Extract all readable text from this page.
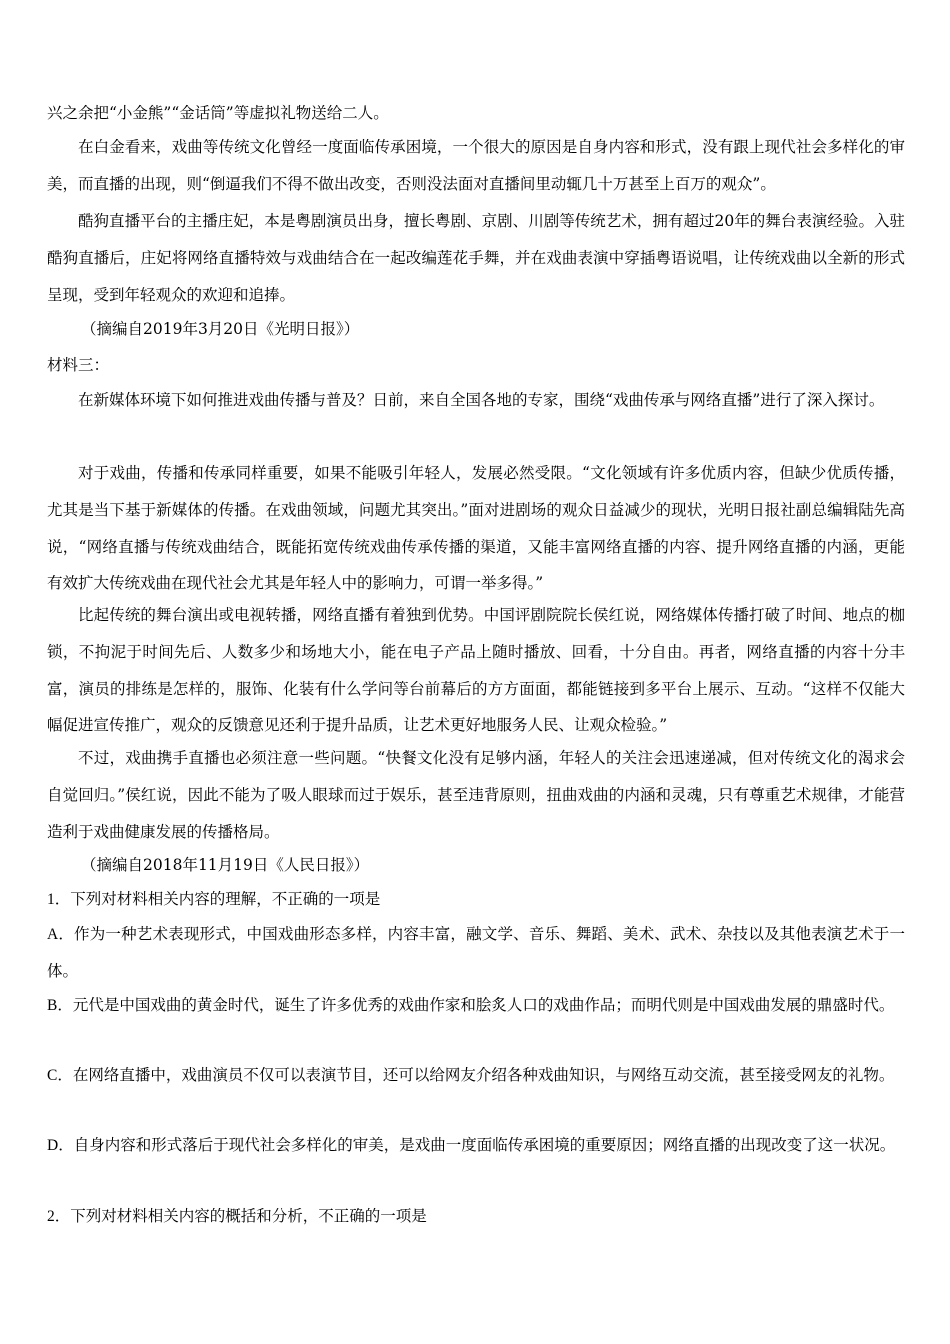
兴之余把“小金熊”“金话筒”等虚拟礼物送给二人。

在白金看来，戏曲等传统文化曾经一度面临传承困境，一个很大的原因是自身内容和形式，没有跟上现代社会多样化的审美，而直播的出现，则“倒逼我们不得不做出改变，否则没法面对直播间里动辄几十万甚至上百万的观众”。

酷狗直播平台的主播庄妃，本是粤剧演员出身，擅长粤剧、京剧、川剧等传统艺术，拥有超过20年的舞台表演经验。入驻酷狗直播后，庄妃将网络直播特效与戏曲结合在一起改编莲花手舞，并在戏曲表演中穿插粤语说唱，让传统戏曲以全新的形式呈现，受到年轻观众的欢迎和追捧。

（摘编自2019年3月20日《光明日报》）

材料三：

在新媒体环境下如何推进戏曲传播与普及？日前，来自全国各地的专家，围绕“戏曲传承与网络直播”进行了深入探讨。

对于戏曲，传播和传承同样重要，如果不能吸引年轻人，发展必然受限。“文化领域有许多优质内容，但缺少优质传播，尤其是当下基于新媒体的传播。在戏曲领域，问题尤其突出。”面对进剧场的观众日益减少的现状，光明日报社副总编辑陆先高说，“网络直播与传统戏曲结合，既能拓宽传统戏曲传承传播的渠道，又能丰富网络直播的内容、提升网络直播的内涵，更能有效扩大传统戏曲在现代社会尤其是年轻人中的影响力，可谓一举多得。”

比起传统的舞台演出或电视转播，网络直播有着独到优势。中国评剧院院长侯红说，网络媒体传播打破了时间、地点的枷锁，不拘泥于时间先后、人数多少和场地大小，能在电子产品上随时播放、回看，十分自由。再者，网络直播的内容十分丰富，演员的排练是怎样的，服饰、化装有什么学问等台前幕后的方方面面，都能链接到多平台上展示、互动。“这样不仅能大幅促进宣传推广，观众的反馈意见还利于提升品质，让艺术更好地服务人民、让观众检验。”

不过，戏曲携手直播也必须注意一些问题。“快餐文化没有足够内涵，年轻人的关注会迅速递减，但对传统文化的渴求会自觉回归。”侯红说，因此不能为了吸人眼球而过于娱乐，甚至违背原则，扭曲戏曲的内涵和灵魂，只有尊重艺术规律，才能营造利于戏曲健康发展的传播格局。

（摘编自2018年11月19日《人民日报》）

1．下列对材料相关内容的理解，不正确的一项是

A．作为一种艺术表现形式，中国戏曲形态多样，内容丰富，融文学、音乐、舞蹈、美术、武术、杂技以及其他表演艺术于一体。

B．元代是中国戏曲的黄金时代，诞生了许多优秀的戏曲作家和脍炙人口的戏曲作品；而明代则是中国戏曲发展的鼎盛时代。

C．在网络直播中，戏曲演员不仅可以表演节目，还可以给网友介绍各种戏曲知识，与网络互动交流，甚至接受网友的礼物。

D．自身内容和形式落后于现代社会多样化的审美，是戏曲一度面临传承困境的重要原因；网络直播的出现改变了这一状况。

2．下列对材料相关内容的概括和分析，不正确的一项是
